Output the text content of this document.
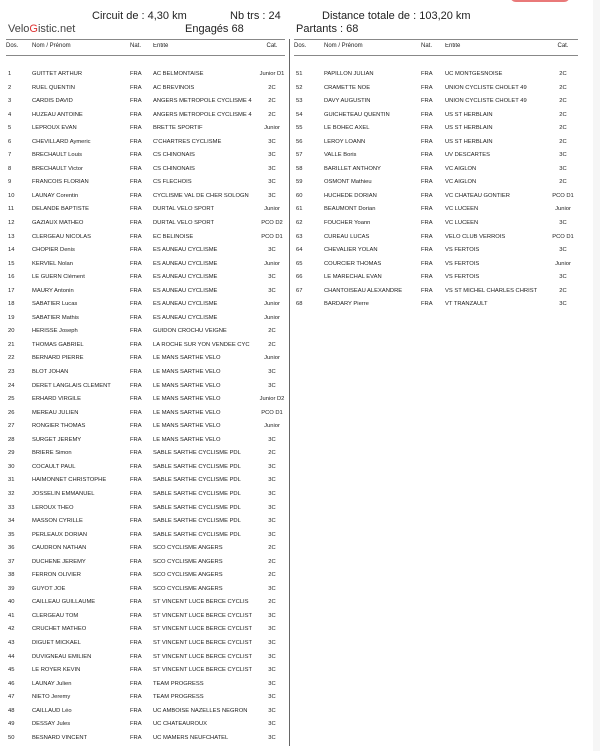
VeloGistic.net
Circuit de : 4,30 km	Nb trs : 24	Distance totale de : 103,20 km
Engagés 68	Partants : 68
Dos. Nom / Prénom	Nat. Entité	Cat.
1	GUITTET ARTHUR	FRA AC BELMONTAISE	Junior D1
2	RUEL QUENTIN	FRA AC BREVINOIS	2C
3	CARDIS DAVID	FRA ANGERS METROPOLE CYCLISME 4	2C
4	HUZEAU ANTOINE	FRA ANGERS METROPOLE CYCLISME 4	2C
5	LEPROUX EVAN	FRA BRETTE SPORTIF	Junior
6	CHEVILLARD Aymeric	FRA C'CHARTRES CYCLISME	3C
7	BRECHAULT Louis	FRA CS CHINONAIS	3C
8	BRECHAULT Victor	FRA CS CHINONAIS	3C
9	FRANCOIS FLORIAN	FRA CS FLECHOIS	3C
10	LAUNAY Corentin	FRA CYCLISME VAL DE CHER SOLOGN	3C
11	DELANDE BAPTISTE	FRA DURTAL VELO SPORT	Junior
12	GAZIAUX MATHEO	FRA DURTAL VELO SPORT	PCO D2
13	CLERGEAU NICOLAS	FRA EC BELINOISE	PCO D1
14	CHOPIER Denis	FRA ES AUNEAU CYCLISME	3C
15	KERVIEL Nolan	FRA ES AUNEAU CYCLISME	Junior
16	LE GUERN Clément	FRA ES AUNEAU CYCLISME	3C
17	MAURY Antonin	FRA ES AUNEAU CYCLISME	3C
18	SABATIER Lucas	FRA ES AUNEAU CYCLISME	Junior
19	SABATIER Mathis	FRA ES AUNEAU CYCLISME	Junior
20	HERISSE Joseph	FRA GUIDON CROCHU VEIGNE	2C
21	THOMAS GABRIEL	FRA LA ROCHE SUR YON VENDEE CYC	2C
22	BERNARD PIERRE	FRA LE MANS SARTHE VELO	Junior
23	BLOT JOHAN	FRA LE MANS SARTHE VELO	3C
24	DERET LANGLAIS CLEMENT	FRA LE MANS SARTHE VELO	3C
25	ERHARD VIRGILE	FRA LE MANS SARTHE VELO	Junior D2
26	MEREAU JULIEN	FRA LE MANS SARTHE VELO	PCO D1
27	RONGIER THOMAS	FRA LE MANS SARTHE VELO	Junior
28	SURGET JEREMY	FRA LE MANS SARTHE VELO	3C
29	BRIERE Simon	FRA SABLE SARTHE CYCLISME PDL	2C
30	COCAULT PAUL	FRA SABLE SARTHE CYCLISME PDL	3C
31	HAIMONNET CHRISTOPHE	FRA SABLE SARTHE CYCLISME PDL	3C
32	JOSSELIN EMMANUEL	FRA SABLE SARTHE CYCLISME PDL	3C
33	LEROUX THEO	FRA SABLE SARTHE CYCLISME PDL	3C
34	MASSON CYRILLE	FRA SABLE SARTHE CYCLISME PDL	3C
35	PERLEAUX DORIAN	FRA SABLE SARTHE CYCLISME PDL	3C
36	CAUDRON NATHAN	FRA SCO CYCLISME ANGERS	2C
37	DUCHENE JEREMY	FRA SCO CYCLISME ANGERS	2C
38	FERRON OLIVIER	FRA SCO CYCLISME ANGERS	2C
39	GUYOT JOE	FRA SCO CYCLISME ANGERS	3C
40	CAILLEAU GUILLAUME	FRA ST VINCENT LUCE BERCE CYCLIS	2C
41	CLERGEAU TOM	FRA ST VINCENT LUCE BERCE CYCLIST	3C
42	CRUCHET MATHEO	FRA ST VINCENT LUCE BERCE CYCLIST	3C
43	DIGUET MICKAEL	FRA ST VINCENT LUCE BERCE CYCLIST	3C
44	DUVIGNEAU EMILIEN	FRA ST VINCENT LUCE BERCE CYCLIST	3C
45	LE ROYER KEVIN	FRA ST VINCENT LUCE BERCE CYCLIST	3C
46	LAUNAY Julien	FRA TEAM PROGRESS	3C
47	NIETO Jeremy	FRA TEAM PROGRESS	3C
48	CAILLAUD Léo	FRA UC AMBOISE NAZELLES NEGRON	3C
49	DESSAY Jules	FRA UC CHATEAUROUX	3C
50	BESNARD VINCENT	FRA UC MAMERS NEUFCHATEL	3C
Dos.	Nom / Prénom	Nat. Entité	Cat.
51	PAPILLON JULIAN	FRA UC MONTGESNOISE	2C
52	CRAMETTE NOE	FRA UNION CYCLISTE CHOLET 49	2C
53	DAVY AUGUSTIN	FRA UNION CYCLISTE CHOLET 49	2C
54	GUICHETEAU QUENTIN	FRA US ST HERBLAIN	2C
55	LE BOHEC AXEL	FRA US ST HERBLAIN	2C
56	LEROY LOANN	FRA US ST HERBLAIN	2C
57	VALLE Boris	FRA UV DESCARTES	3C
58	BARILLET ANTHONY	FRA VC AIGLON	3C
59	OSMONT Mathieu	FRA VC AIGLON	2C
60	HUCHEDE DORIAN	FRA VC CHATEAU GONTIER	PCO D1
61	BEAUMONT Dorian	FRA VC LUCEEN	Junior
62	FOUCHER Yoann	FRA VC LUCEEN	3C
63	CUREAU LUCAS	FRA VELO CLUB VERROIS	PCO D1
64	CHEVALIER YOLAN	FRA VS FERTOIS	3C
65	COURCIER THOMAS	FRA VS FERTOIS	Junior
66	LE MARECHAL EVAN	FRA VS FERTOIS	3C
67	CHANTOISEAU ALEXANDRE	FRA VS ST MICHEL CHARLES CHRIST	2C
68	BARDARY Pierre	FRA VT TRANZAULT	3C
